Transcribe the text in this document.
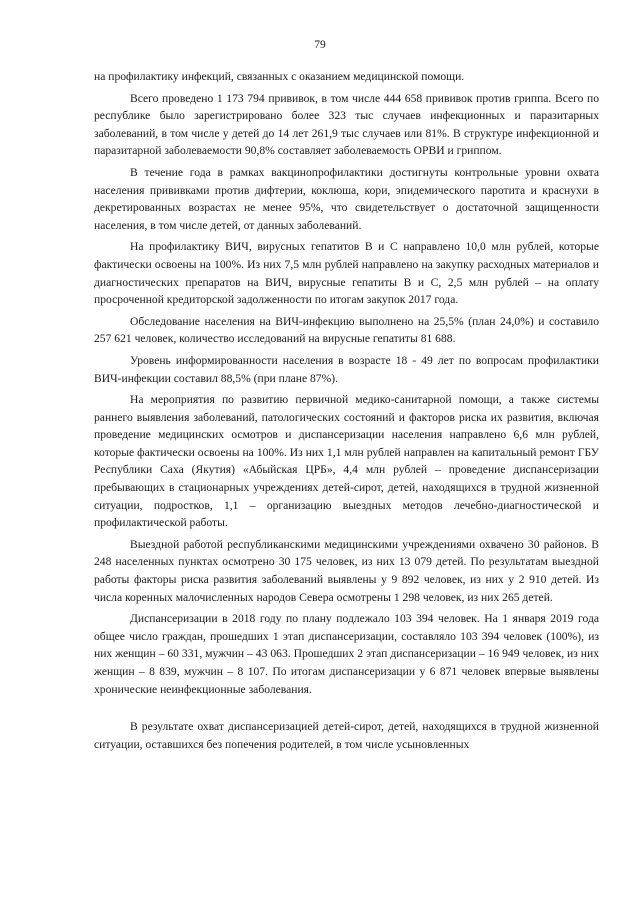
79

на профилактику инфекций, связанных с оказанием медицинской помощи.

Всего проведено 1 173 794 прививок, в том числе 444 658 прививок против гриппа. Всего по республике было зарегистрировано более 323 тыс случаев инфекционных и паразитарных заболеваний, в том числе у детей до 14 лет 261,9 тыс случаев или 81%. В структуре инфекционной и паразитарной заболеваемости 90,8% составляет заболеваемость ОРВИ и гриппом.

В течение года в рамках вакцинопрофилактики достигнуты контрольные уровни охвата населения прививками против дифтерии, коклюша, кори, эпидемического паротита и краснухи в декретированных возрастах не менее 95%, что свидетельствует о достаточной защищенности населения, в том числе детей, от данных заболеваний.

На профилактику ВИЧ, вирусных гепатитов В и С направлено 10,0 млн рублей, которые фактически освоены на 100%. Из них 7,5 млн рублей направлено на закупку расходных материалов и диагностических препаратов на ВИЧ, вирусные гепатиты В и С, 2,5 млн рублей – на оплату просроченной кредиторской задолженности по итогам закупок 2017 года.

Обследование населения на ВИЧ-инфекцию выполнено на 25,5% (план 24,0%) и составило 257 621 человек, количество исследований на вирусные гепатиты 81 688.

Уровень информированности населения в возрасте 18 - 49 лет по вопросам профилактики ВИЧ-инфекции составил 88,5% (при плане 87%).

На мероприятия по развитию первичной медико-санитарной помощи, а также системы раннего выявления заболеваний, патологических состояний и факторов риска их развития, включая проведение медицинских осмотров и диспансеризации населения направлено 6,6 млн рублей, которые фактически освоены на 100%. Из них 1,1 млн рублей направлен на капитальный ремонт ГБУ Республики Саха (Якутия) «Абыйская ЦРБ», 4,4 млн рублей – проведение диспансеризации пребывающих в стационарных учреждениях детей-сирот, детей, находящихся в трудной жизненной ситуации, подростков, 1,1 – организацию выездных методов лечебно-диагностической и профилактической работы.

Выездной работой республиканскими медицинскими учреждениями охвачено 30 районов. В 248 населенных пунктах осмотрено 30 175 человек, из них 13 079 детей. По результатам выездной работы факторы риска развития заболеваний выявлены у 9 892 человек, из них у 2 910 детей. Из числа коренных малочисленных народов Севера осмотрены 1 298 человек, из них 265 детей.

Диспансеризации в 2018 году по плану подлежало 103 394 человек. На 1 января 2019 года общее число граждан, прошедших 1 этап диспансеризации, составляло 103 394 человек (100%), из них женщин – 60 331, мужчин – 43 063. Прошедших 2 этап диспансеризации – 16 949 человек, из них женщин – 8 839, мужчин – 8 107. По итогам диспансеризации у 6 871 человек впервые выявлены хронические неинфекционные заболевания.

В результате охват диспансеризацией детей-сирот, детей, находящихся в трудной жизненной ситуации, оставшихся без попечения родителей, в том числе усыновленных
